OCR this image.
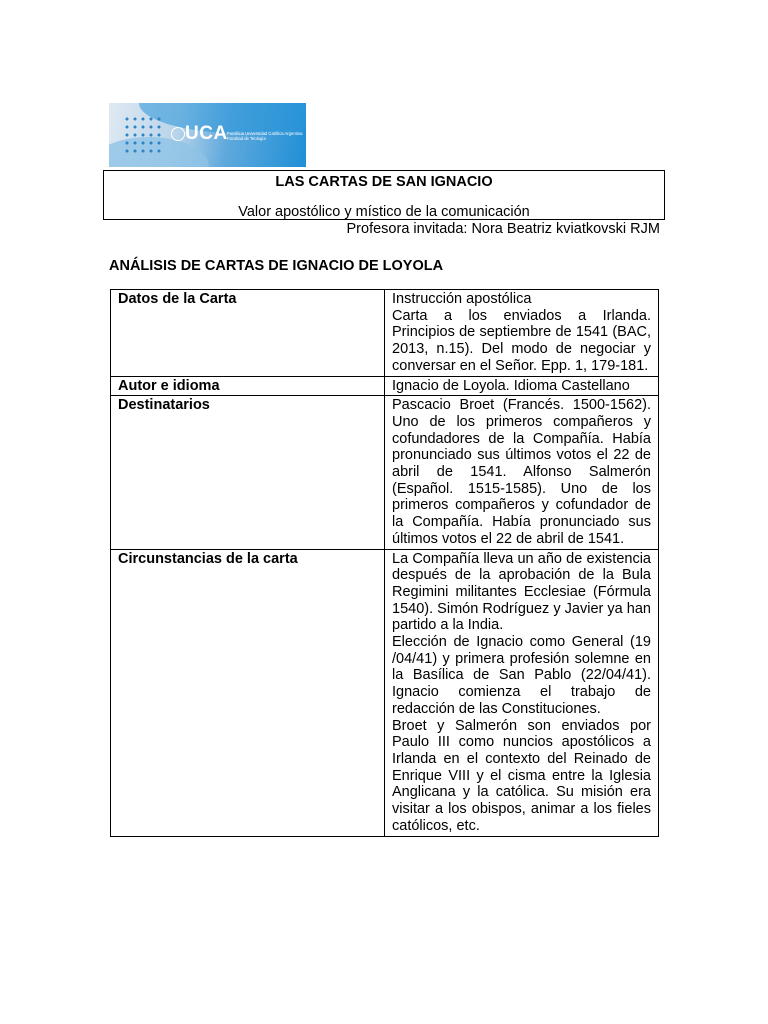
UCA Pontificia Universidad Católica Argentina Facultad de Teología
LAS CARTAS DE SAN IGNACIO
Valor apostólico y místico de la comunicación
Profesora invitada: Nora Beatriz kviatkovski RJM
ANÁLISIS DE CARTAS DE IGNACIO DE LOYOLA
Datos de la Carta	Instrucción apostólica
Carta a los enviados a Irlanda. Principios de septiembre de 1541 (BAC, 2013, n.15). Del modo de negociar y conversar en el Señor. Epp. 1, 179-181.

Autor e idioma	Ignacio de Loyola. Idioma Castellano

Destinatarios	Pascacio Broet (Francés. 1500-1562). Uno de los primeros compañeros y cofundadores de la Compañía. Había pronunciado sus últimos votos el 22 de abril de 1541. Alfonso Salmerón (Español. 1515-1585). Uno de los primeros compañeros y cofundador de la Compañía. Había pronunciado sus últimos votos el 22 de abril de 1541.

Circunstancias de la carta	La Compañía lleva un año de existencia después de la aprobación de la Bula Regimini militantes Ecclesiae (Fórmula 1540). Simón Rodríguez y Javier ya han partido a la India.
Elección de Ignacio como General (19 /04/41) y primera profesión solemne en la Basílica de San Pablo (22/04/41). Ignacio comienza el trabajo de redacción de las Constituciones.
Broet y Salmerón son enviados por Paulo III como nuncios apostólicos a Irlanda en el contexto del Reinado de Enrique VIII y el cisma entre la Iglesia Anglicana y la católica. Su misión era visitar a los obispos, animar a los fieles católicos, etc.
